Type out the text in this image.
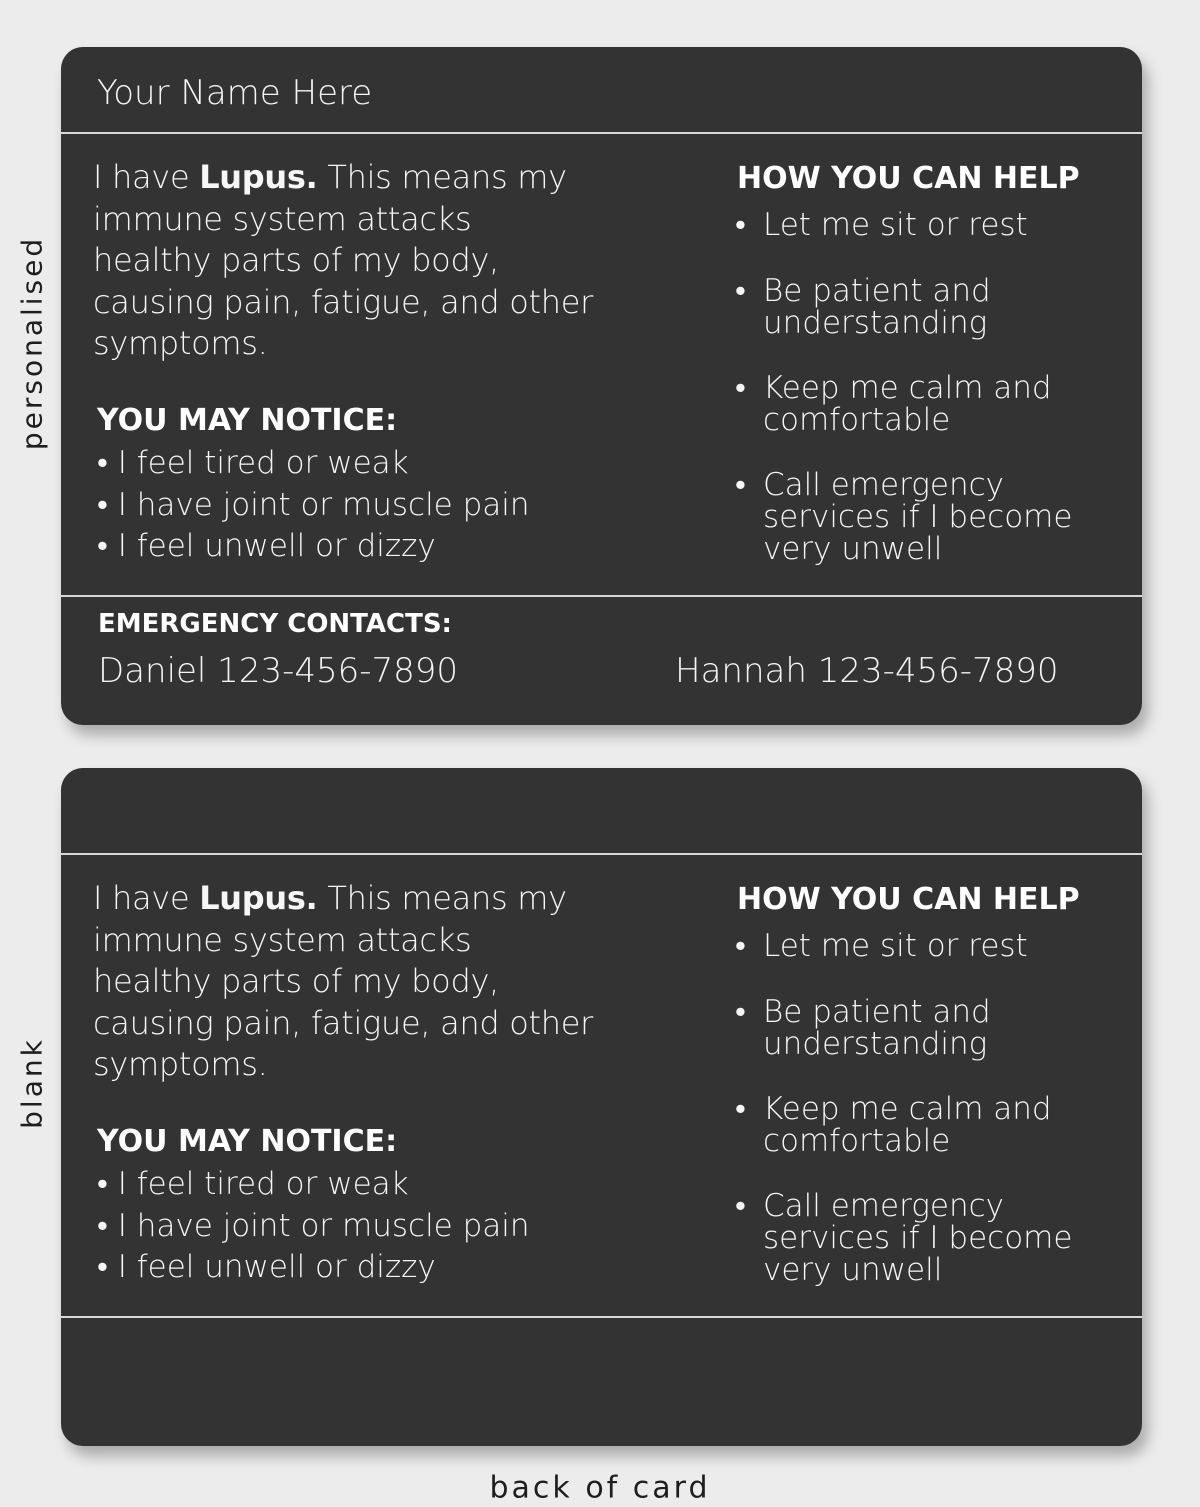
personalised
blank
Your Name Here
I have Lupus. This means my immune system attacks healthy parts of my body, causing pain, fatigue, and other symptoms.
YOU MAY NOTICE:
• I feel tired or weak
• I have joint or muscle pain
• I feel unwell or dizzy
HOW YOU CAN HELP
• Let me sit or rest
• Be patient and understanding
• Keep me calm and comfortable
• Call emergency services if I become very unwell
EMERGENCY CONTACTS:
Daniel 123-456-7890	Hannah 123-456-7890
I have Lupus. This means my immune system attacks healthy parts of my body, causing pain, fatigue, and other symptoms.
YOU MAY NOTICE:
• I feel tired or weak
• I have joint or muscle pain
• I feel unwell or dizzy
HOW YOU CAN HELP
• Let me sit or rest
• Be patient and understanding
• Keep me calm and comfortable
• Call emergency services if I become very unwell
back of card
